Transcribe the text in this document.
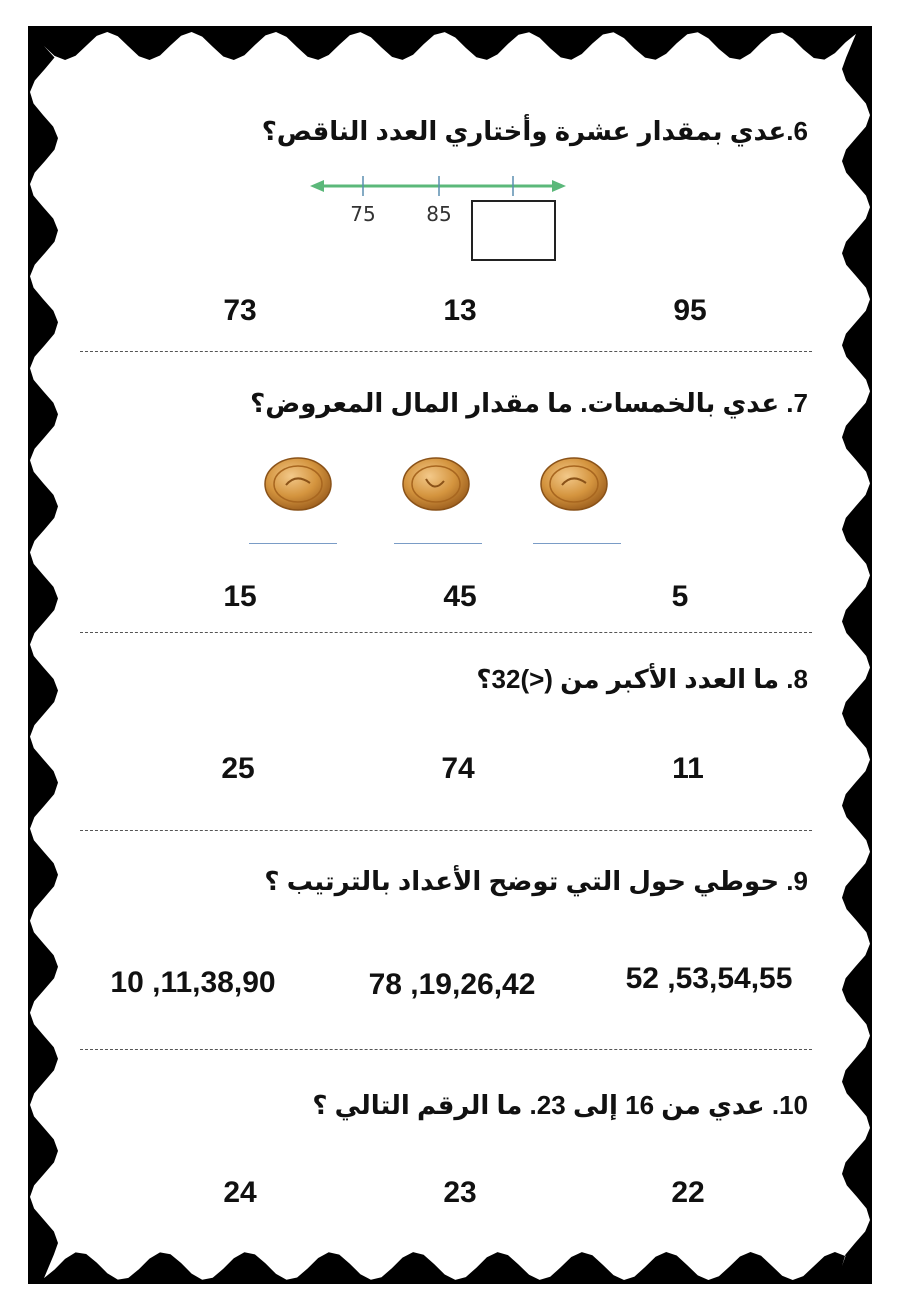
6.عدي بمقدار عشرة وأختاري العدد الناقص؟
75	85
73	13	95
7. عدي بالخمسات. ما مقدار المال المعروض؟
15	45	5
8. ما العدد الأكبر من (<)32؟
25	74	11
9. حوطي حول التي توضح الأعداد بالترتيب ؟
10 ,11,38,90	78 ,19,26,42	52 ,53,54,55
10. عدي من 16 إلى 23. ما الرقم التالي ؟
24	23	22
